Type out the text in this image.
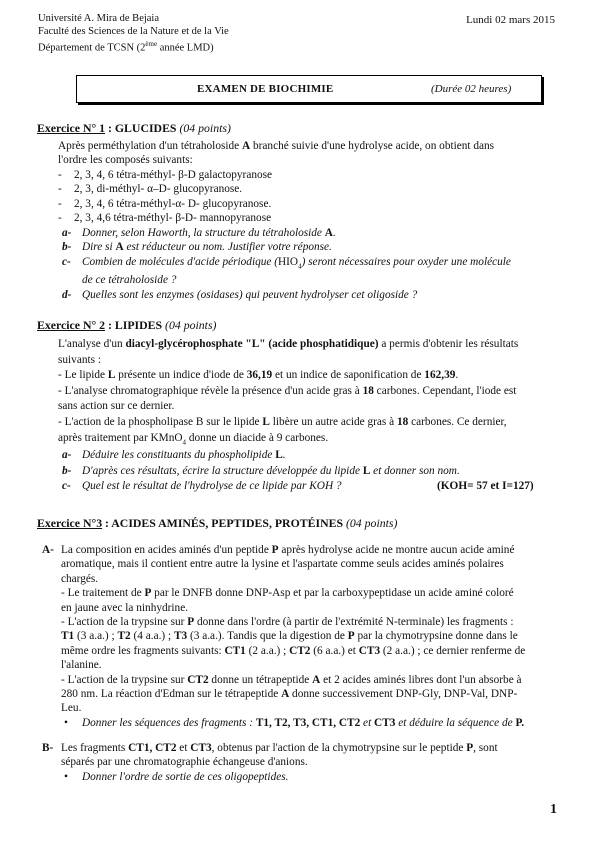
Université A. Mira de Bejaia
Faculté des Sciences de la Nature et de la Vie
Département de TCSN (2ème année LMD)
Lundi 02 mars 2015
EXAMEN DE BIOCHIMIE	(Durée 02 heures)
Exercice N° 1 : GLUCIDES (04 points)
Après perméthylation d'un tétraholoside A branché suivie d'une hydrolyse acide, on obtient dans
l'ordre les composés suivants:
- 2, 3, 4, 6 tétra-méthyl- β-D galactopyranose
- 2, 3, di-méthyl- α–D- glucopyranose.
- 2, 3, 4, 6 tétra-méthyl-α- D- glucopyranose.
- 2, 3, 4,6 tétra-méthyl- β-D- mannopyranose
a- Donner, selon Haworth, la structure du tétraholoside A.
b- Dire si A est réducteur ou nom. Justifier votre réponse.
c- Combien de molécules d'acide périodique $(HIO_4)$ seront nécessaires pour oxyder une molécule
de ce tétraholoside ?
d- Quelles sont les enzymes (osidases) qui peuvent hydrolyser cet oligoside ?
Exercice N° 2 : LIPIDES (04 points)
L'analyse d'un diacyl-glycérophosphate "L" (acide phosphatidique) a permis d'obtenir les résultats
suivants :
- Le lipide L présente un indice d'iode de 36,19 et un indice de saponification de 162,39.
- L'analyse chromatographique révèle la présence d'un acide gras à 18 carbones. Cependant, l'iode est
sans action sur ce dernier.
- L'action de la phospholipase B sur le lipide L libère un autre acide gras à 18 carbones. Ce dernier,
après traitement par KMnO$_4$ donne un diacide à 9 carbones.
a- Déduire les constituants du phospholipide L.
b- D'après ces résultats, écrire la structure développée du lipide L et donner son nom.
c- Quel est le résultat de l'hydrolyse de ce lipide par KOH ?	(KOH= 57 et I=127)
Exercice N°3 : ACIDES AMINÉS, PEPTIDES, PROTÉINES (04 points)
A- La composition en acides aminés d'un peptide P après hydrolyse acide ne montre aucun acide aminé
aromatique, mais il contient entre autre la lysine et l'aspartate comme seuls acides aminés polaires
chargés.
- Le traitement de P par le DNFB donne DNP-Asp et par la carboxypeptidase un acide aminé coloré
en jaune avec la ninhydrine.
- L'action de la trypsine sur P donne dans l'ordre (à partir de l'extrémité N-terminale) les fragments :
T1 (3 a.a.) ; T2 (4 a.a.) ; T3 (3 a.a.). Tandis que la digestion de P par la chymotrypsine donne dans le
même ordre les fragments suivants: CT1 (2 a.a.) ; CT2 (6 a.a.) et CT3 (2 a.a.) ; ce dernier renferme de
l'alanine.
- L'action de la trypsine sur CT2 donne un tétrapeptide A et 2 acides aminés libres dont l'un absorbe à
280 nm. La réaction d'Edman sur le tétrapeptide A donne successivement DNP-Gly, DNP-Val, DNP-
Leu.
• Donner les séquences des fragments : T1, T2, T3, CT1, CT2 et CT3 et déduire la séquence de P.
B- Les fragments CT1, CT2 et CT3, obtenus par l'action de la chymotrypsine sur le peptide P, sont
séparés par une chromatographie échangeuse d'anions.
• Donner l'ordre de sortie de ces oligopeptides.
1
